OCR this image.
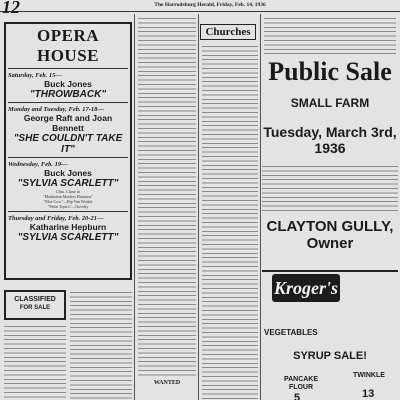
12	The Harrodsburg Herald, Friday, Feb. 14, 1936
OPERA HOUSE
Saturday, Feb. 15—
Buck Jones
"THROWBACK"
Monday and Tuesday, Feb. 17-18—
George Raft and Joan Bennett
"SHE COULDN'T TAKE IT"
Wednesday, Feb. 19—
Buck Jones
"SYLVIA SCARLETT"
Chas. Chase in
"Manhattan Monkey Business"
"Moe Cow"—Hip Van Winkle
"Pathe Topics"—Novelty
Thursday and Friday, Feb. 20-21—
Katharine Hepburn
"SYLVIA SCARLETT"
CLASSIFIED
FOR SALE
Churches
Public Sale
SMALL FARM
Tuesday, March 3rd, 1936
CLAYTON GULLY, Owner
Kroger's
VEGETABLES
SYRUP SALE!
PANCAKE FLOUR
TWINKLE
5	13
WANTED
